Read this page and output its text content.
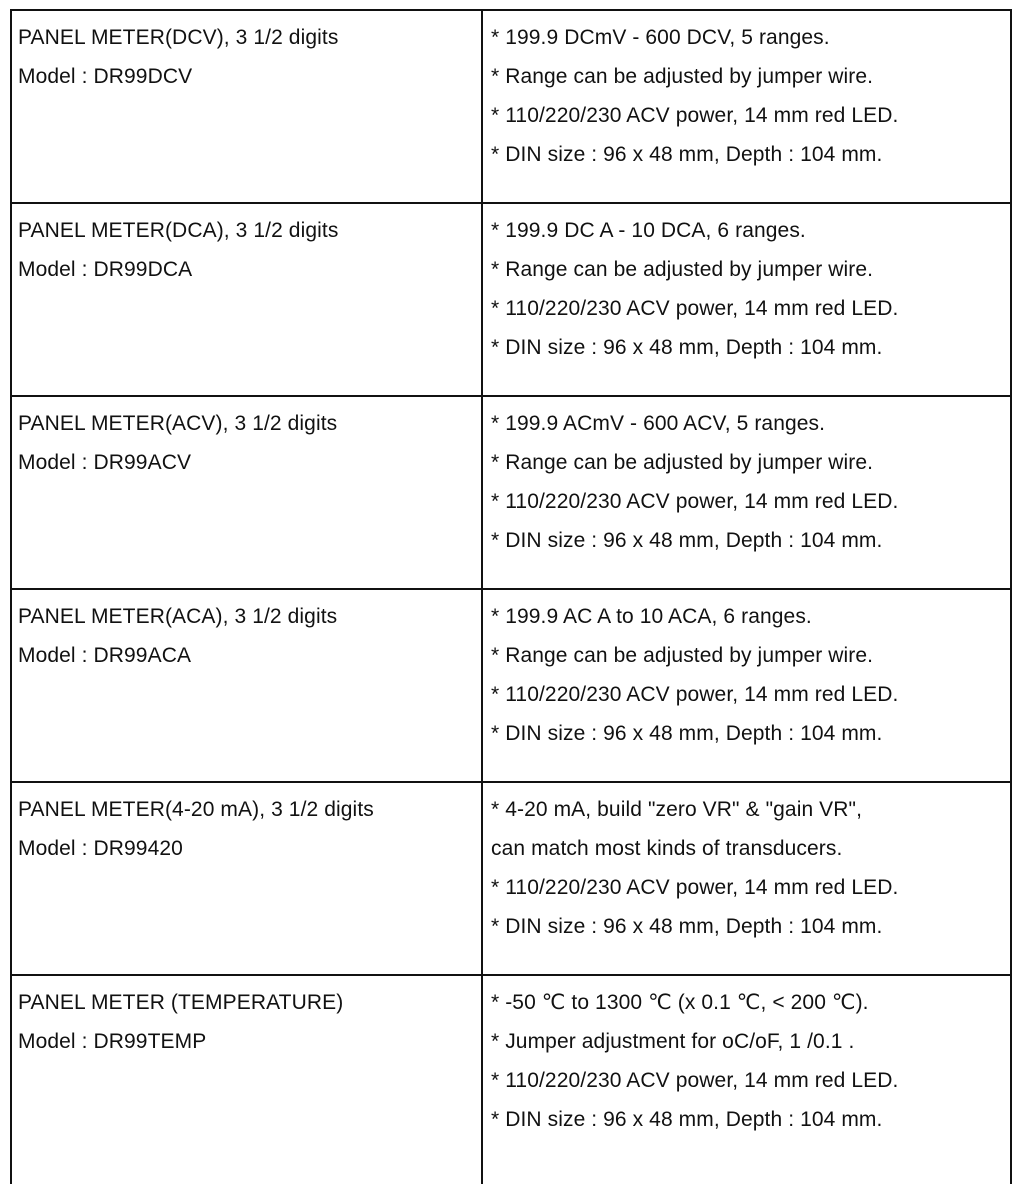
PANEL METER(DCV), 3 1/2 digits
Model : DR99DCV
* 199.9 DCmV - 600 DCV, 5 ranges.
* Range can be adjusted by jumper wire.
* 110/220/230 ACV power, 14 mm red LED.
* DIN size : 96 x 48 mm, Depth : 104 mm.
PANEL METER(DCA), 3 1/2 digits
Model : DR99DCA
* 199.9 DC A - 10 DCA, 6 ranges.
* Range can be adjusted by jumper wire.
* 110/220/230 ACV power, 14 mm red LED.
* DIN size : 96 x 48 mm, Depth : 104 mm.
PANEL METER(ACV), 3 1/2 digits
Model : DR99ACV
* 199.9 ACmV - 600 ACV, 5 ranges.
* Range can be adjusted by jumper wire.
* 110/220/230 ACV power, 14 mm red LED.
* DIN size : 96 x 48 mm, Depth : 104 mm.
PANEL METER(ACA), 3 1/2 digits
Model : DR99ACA
* 199.9 AC A to 10 ACA, 6 ranges.
* Range can be adjusted by jumper wire.
* 110/220/230 ACV power, 14 mm red LED.
* DIN size : 96 x 48 mm, Depth : 104 mm.
PANEL METER(4-20 mA), 3 1/2 digits
Model : DR99420
* 4-20 mA, build "zero VR" & "gain VR",
can match most kinds of transducers.
* 110/220/230 ACV power, 14 mm red LED.
* DIN size : 96 x 48 mm, Depth : 104 mm.
PANEL METER (TEMPERATURE)
Model : DR99TEMP
* -50 ℃ to 1300 ℃ (x 0.1 ℃, < 200 ℃).
* Jumper adjustment for oC/oF, 1 /0.1 .
* 110/220/230 ACV power, 14 mm red LED.
* DIN size : 96 x 48 mm, Depth : 104 mm.
